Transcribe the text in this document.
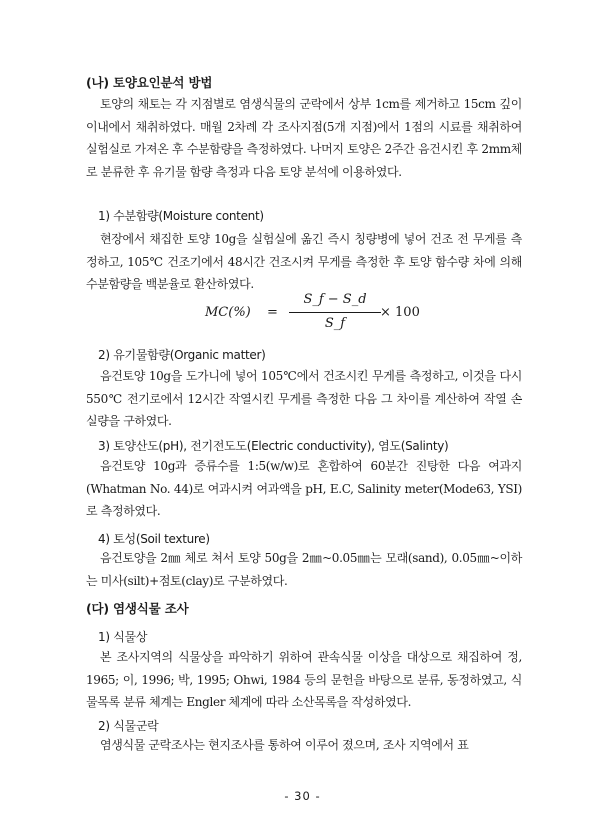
(나) 토양요인분석 방법

토양의 채토는 각 지점별로 염생식물의 군락에서 상부 1cm를 제거하고 15cm 깊이 이내에서 채취하였다. 매월 2차례 각 조사지점(5개 지점)에서 1점의 시료를 채취하여 실험실로 가져온 후 수분함량을 측정하였다. 나머지 토양은 2주간 음건시킨 후 2mm체로 분류한 후 유기물 함량 측정과 다음 토양 분석에 이용하였다.

1) 수분함량(Moisture content)

현장에서 채집한 토양 10g을 실험실에 옮긴 즉시 칭량병에 넣어 건조 전 무게를 측정하고, 105℃ 건조기에서 48시간 건조시켜 무게를 측정한 후 토양 함수량 차에 의해 수분함량을 백분율로 환산하였다.

MC(%) =
S_f − S_d
S_f
× 100
2) 유기물함량(Organic matter)

음건토양 10g을 도가니에 넣어 105℃에서 건조시킨 무게를 측정하고, 이것을 다시 550℃ 전기로에서 12시간 작열시킨 무게를 측정한 다음 그 차이를 계산하여 작열 손실량을 구하였다.

3) 토양산도(pH), 전기전도도(Electric conductivity), 염도(Salinty)

음건토양 10g과 증류수를 1:5(w/w)로 혼합하여 60분간 진탕한 다음 여과지(Whatman No. 44)로 여과시켜 여과액을 pH, E.C, Salinity meter(Mode63, YSI)로 측정하였다.

4) 토성(Soil texture)

음건토양을 2㎜ 체로 쳐서 토양 50g을 2㎜~0.05㎜는 모래(sand), 0.05㎜~이하는 미사(silt)+점토(clay)로 구분하였다.

(다) 염생식물 조사
1) 식물상

본 조사지역의 식물상을 파악하기 위하여 관속식물 이상을 대상으로 채집하여 정, 1965; 이, 1996; 박, 1995; Ohwi, 1984 등의 문헌을 바탕으로 분류, 동정하였고, 식물목록 분류 체계는 Engler 체계에 따라 소산목록을 작성하였다.

2) 식물군락

염생식물 군락조사는 현지조사를 통하여 이루어 졌으며, 조사 지역에서 표

- 30 -
